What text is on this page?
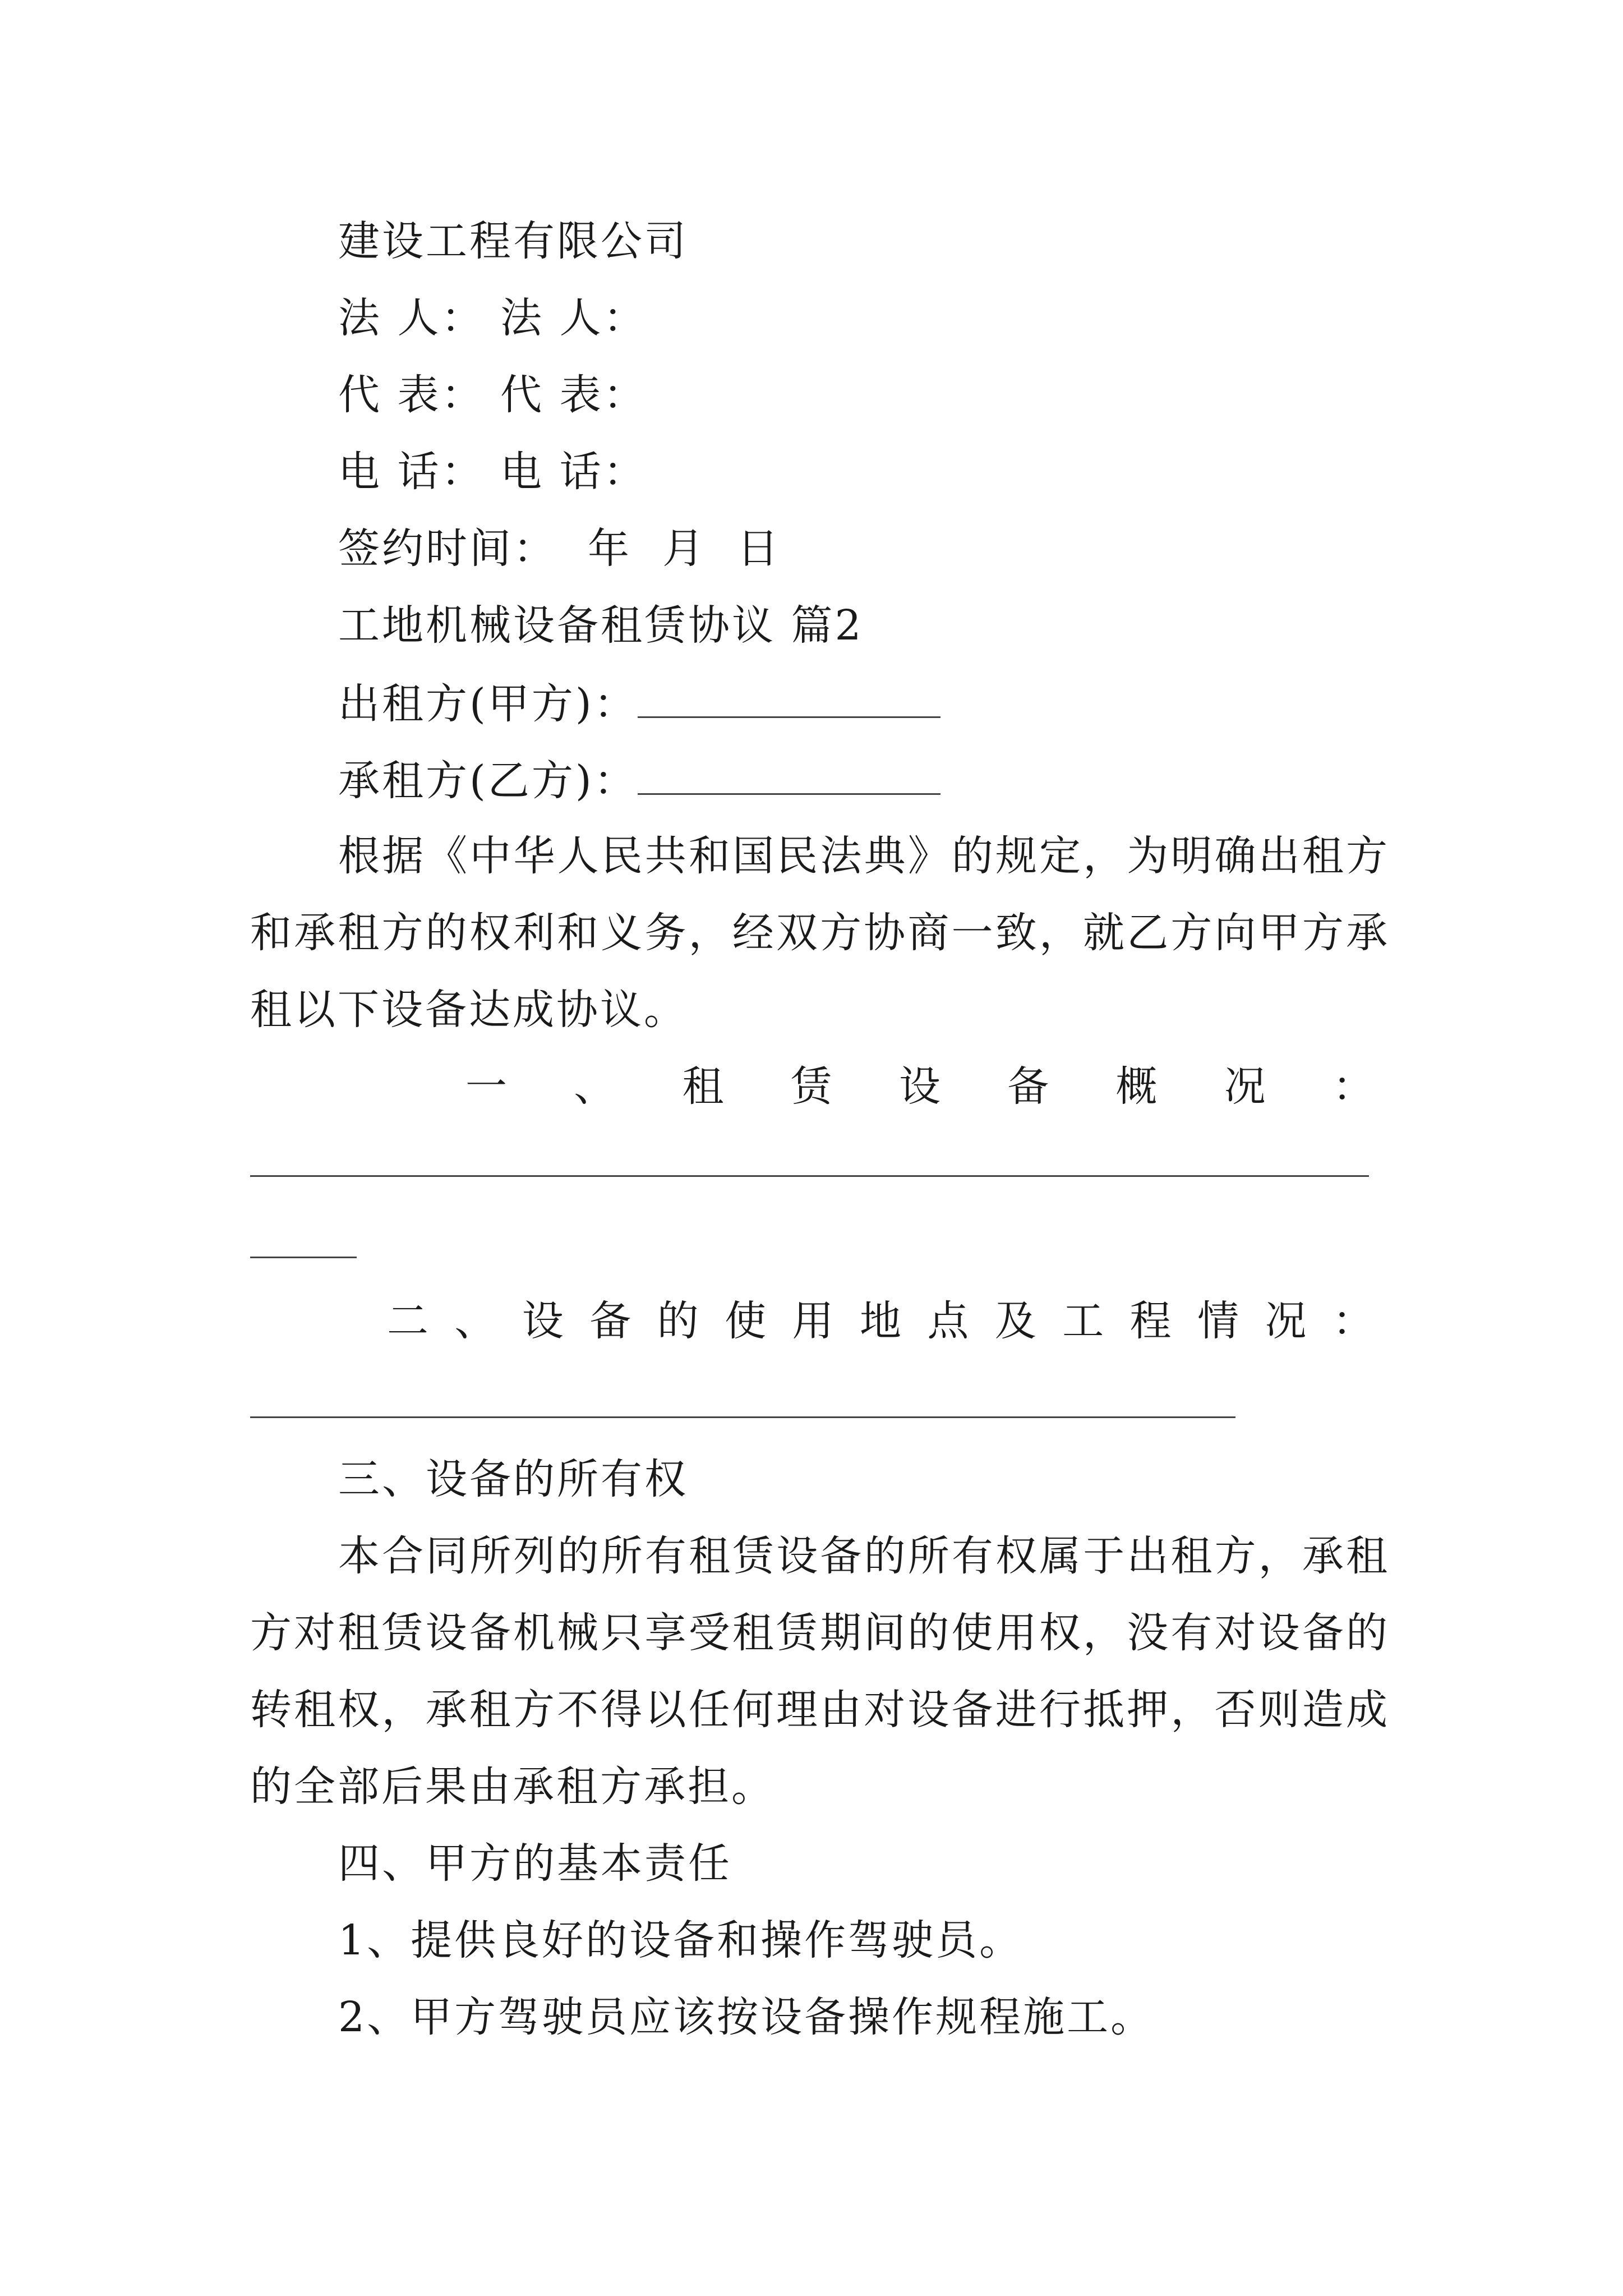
建设工程有限公司
法 人： 法 人：
代 表： 代 表：
电 话： 电 话：
签约时间：  年  月  日
工地机械设备租赁协议 篇2
出租方(甲方)：
承租方(乙方)：
根据《中华人民共和国民法典》的规定，为明确出租方
和承租方的权利和义务，经双方协商一致，就乙方向甲方承
租以下设备达成协议。
一 、 租 赁 设 备 概 况 ：
二 、 设 备 的 使 用 地 点 及 工 程 情 况 ：
三、设备的所有权
本合同所列的所有租赁设备的所有权属于出租方，承租
方对租赁设备机械只享受租赁期间的使用权，没有对设备的
转租权，承租方不得以任何理由对设备进行抵押，否则造成
的全部后果由承租方承担。
四、甲方的基本责任
1、提供良好的设备和操作驾驶员。
2、甲方驾驶员应该按设备操作规程施工。
